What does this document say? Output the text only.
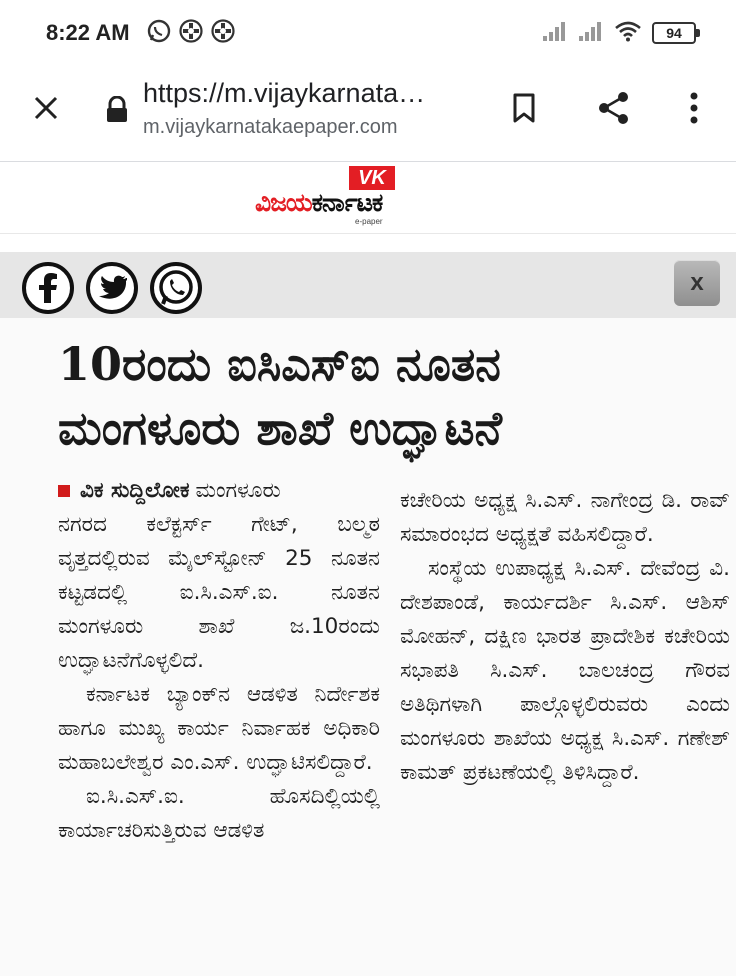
8:22 AM	94
https://m.vijaykarnata…
m.vijaykarnatakaepaper.com
VK
ವಿಜಯ ಕರ್ನಾಟಕ
e-paper
x
10ರಂದು ಐಸಿಎಸ್ಐ ನೂತನ ಮಂಗಳೂರು ಶಾಖೆ ಉದ್ಘಾಟನೆ
ವಿಕ ಸುದ್ದಿಲೋಕ ಮಂಗಳೂರು

ನಗರದ ಕಲೆಕ್ಟರ್ಸ್ ಗೇಟ್, ಬಲ್ಮಠ ವೃತ್ತದಲ್ಲಿರುವ ಮೈಲ್‌ಸ್ಟೋನ್ 25 ನೂತನ ಕಟ್ಟಡದಲ್ಲಿ ಐ.ಸಿ.ಎಸ್.ಐ. ನೂತನ ಮಂಗಳೂರು ಶಾಖೆ ಜ.10ರಂದು ಉದ್ಘಾಟನೆಗೊಳ್ಳಲಿದೆ.

ಕರ್ನಾಟಕ ಬ್ಯಾಂಕ್‌ನ ಆಡಳಿತ ನಿರ್ದೇಶಕ ಹಾಗೂ ಮುಖ್ಯ ಕಾರ್ಯ ನಿರ್ವಾಹಕ ಅಧಿಕಾರಿ ಮಹಾಬಲೇಶ್ವರ ಎಂ.ಎಸ್. ಉದ್ಘಾಟಿಸಲಿದ್ದಾರೆ.

ಐ.ಸಿ.ಎಸ್.ಐ. ಹೊಸದಿಲ್ಲಿಯಲ್ಲಿ ಕಾರ್ಯಾಚರಿಸುತ್ತಿರುವ ಆಡಳಿತ

ಕಚೇರಿಯ ಅಧ್ಯಕ್ಷ ಸಿ.ಎಸ್. ನಾಗೇಂದ್ರ ಡಿ. ರಾವ್ ಸಮಾರಂಭದ ಅಧ್ಯಕ್ಷತೆ ವಹಿಸಲಿದ್ದಾರೆ.

ಸಂಸ್ಥೆಯ ಉಪಾಧ್ಯಕ್ಷ ಸಿ.ಎಸ್. ದೇವೆಂದ್ರ ವಿ. ದೇಶಪಾಂಡೆ, ಕಾರ್ಯದರ್ಶಿ ಸಿ.ಎಸ್. ಆಶಿಸ್ ಮೋಹನ್, ದಕ್ಷಿಣ ಭಾರತ ಪ್ರಾದೇಶಿಕ ಕಚೇರಿಯ ಸಭಾಪತಿ ಸಿ.ಎಸ್. ಬಾಲಚಂದ್ರ ಗೌರವ ಅತಿಥಿಗಳಾಗಿ ಪಾಲ್ಗೊಳ್ಳಲಿರುವರು ಎಂದು ಮಂಗಳೂರು ಶಾಖೆಯ ಅಧ್ಯಕ್ಷ ಸಿ.ಎಸ್. ಗಣೇಶ್ ಕಾಮತ್ ಪ್ರಕಟಣೆಯಲ್ಲಿ ತಿಳಿಸಿದ್ದಾರೆ.
